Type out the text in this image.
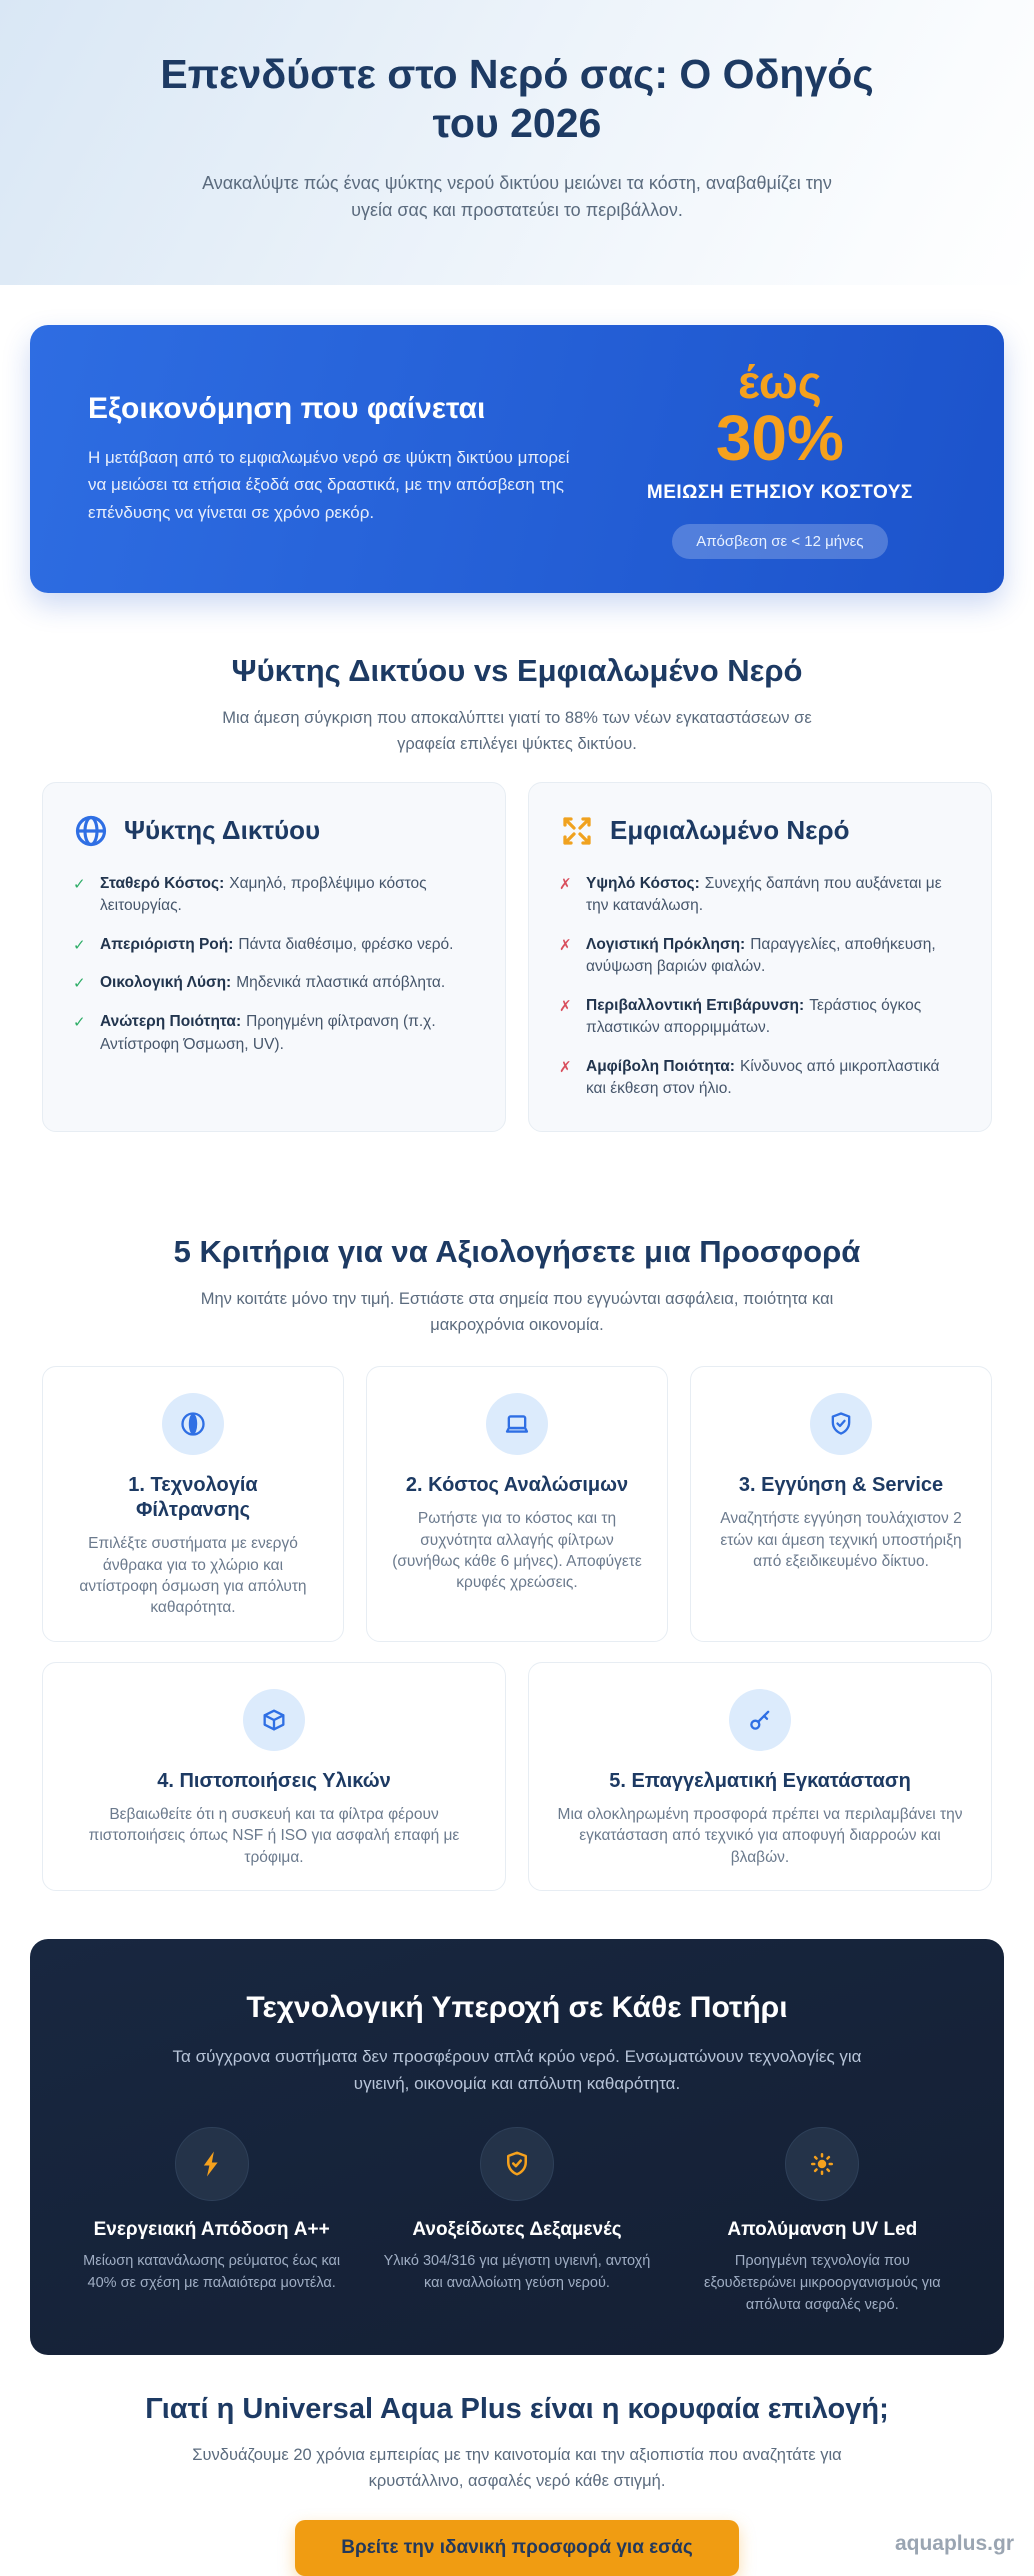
Επενδύστε στο Νερό σας: Ο Οδηγός του 2026

Ανακαλύψτε πώς ένας ψύκτης νερού δικτύου μειώνει τα κόστη, αναβαθμίζει την υγεία σας και προστατεύει το περιβάλλον.

Εξοικονόμηση που φαίνεται

Η μετάβαση από το εμφιαλωμένο νερό σε ψύκτη δικτύου μπορεί να μειώσει τα ετήσια έξοδά σας δραστικά, με την απόσβεση της επένδυσης να γίνεται σε χρόνο ρεκόρ.

έως
30%
ΜΕΙΩΣΗ ΕΤΗΣΙΟΥ ΚΟΣΤΟΥΣ
Απόσβεση σε < 12 μήνες
Ψύκτης Δικτύου vs Εμφιαλωμένο Νερό

Μια άμεση σύγκριση που αποκαλύπτει γιατί το 88% των νέων εγκαταστάσεων σε γραφεία επιλέγει ψύκτες δικτύου.

Ψύκτης Δικτύου
✓ Σταθερό Κόστος: Χαμηλό, προβλέψιμο κόστος λειτουργίας.

✓ Απεριόριστη Ροή: Πάντα διαθέσιμο, φρέσκο νερό.

✓ Οικολογική Λύση: Μηδενικά πλαστικά απόβλητα.

✓ Ανώτερη Ποιότητα: Προηγμένη φίλτρανση (π.χ. Αντίστροφη Όσμωση, UV).

Εμφιαλωμένο Νερό
✗ Υψηλό Κόστος: Συνεχής δαπάνη που αυξάνεται με την κατανάλωση.

✗ Λογιστική Πρόκληση: Παραγγελίες, αποθήκευση, ανύψωση βαριών φιαλών.

✗ Περιβαλλοντική Επιβάρυνση: Τεράστιος όγκος πλαστικών απορριμμάτων.

✗ Αμφίβολη Ποιότητα: Κίνδυνος από μικροπλαστικά και έκθεση στον ήλιο.

5 Κριτήρια για να Αξιολογήσετε μια Προσφορά

Μην κοιτάτε μόνο την τιμή. Εστιάστε στα σημεία που εγγυώνται ασφάλεια, ποιότητα και μακροχρόνια οικονομία.

1. Τεχνολογία Φίλτρανσης

Επιλέξτε συστήματα με ενεργό άνθρακα για το χλώριο και αντίστροφη όσμωση για απόλυτη καθαρότητα.

2. Κόστος Αναλώσιμων

Ρωτήστε για το κόστος και τη συχνότητα αλλαγής φίλτρων (συνήθως κάθε 6 μήνες). Αποφύγετε κρυφές χρεώσεις.

3. Εγγύηση & Service

Αναζητήστε εγγύηση τουλάχιστον 2 ετών και άμεση τεχνική υποστήριξη από εξειδικευμένο δίκτυο.

4. Πιστοποιήσεις Υλικών

Βεβαιωθείτε ότι η συσκευή και τα φίλτρα φέρουν πιστοποιήσεις όπως NSF ή ISO για ασφαλή επαφή με τρόφιμα.

5. Επαγγελματική Εγκατάσταση

Μια ολοκληρωμένη προσφορά πρέπει να περιλαμβάνει την εγκατάσταση από τεχνικό για αποφυγή διαρροών και βλαβών.

Τεχνολογική Υπεροχή σε Κάθε Ποτήρι

Τα σύγχρονα συστήματα δεν προσφέρουν απλά κρύο νερό. Ενσωματώνουν τεχνολογίες για υγιεινή, οικονομία και απόλυτη καθαρότητα.

Ενεργειακή Απόδοση A++

Μείωση κατανάλωσης ρεύματος έως και 40% σε σχέση με παλαιότερα μοντέλα.

Ανοξείδωτες Δεξαμενές

Υλικό 304/316 για μέγιστη υγιεινή, αντοχή και αναλλοίωτη γεύση νερού.

Απολύμανση UV Led

Προηγμένη τεχνολογία που εξουδετερώνει μικροοργανισμούς για απόλυτα ασφαλές νερό.

Γιατί η Universal Aqua Plus είναι η κορυφαία επιλογή;

Συνδυάζουμε 20 χρόνια εμπειρίας με την καινοτομία και την αξιοπιστία που αναζητάτε για κρυστάλλινο, ασφαλές νερό κάθε στιγμή.

Βρείτε την ιδανική προσφορά για εσάς	aquaplus.gr
